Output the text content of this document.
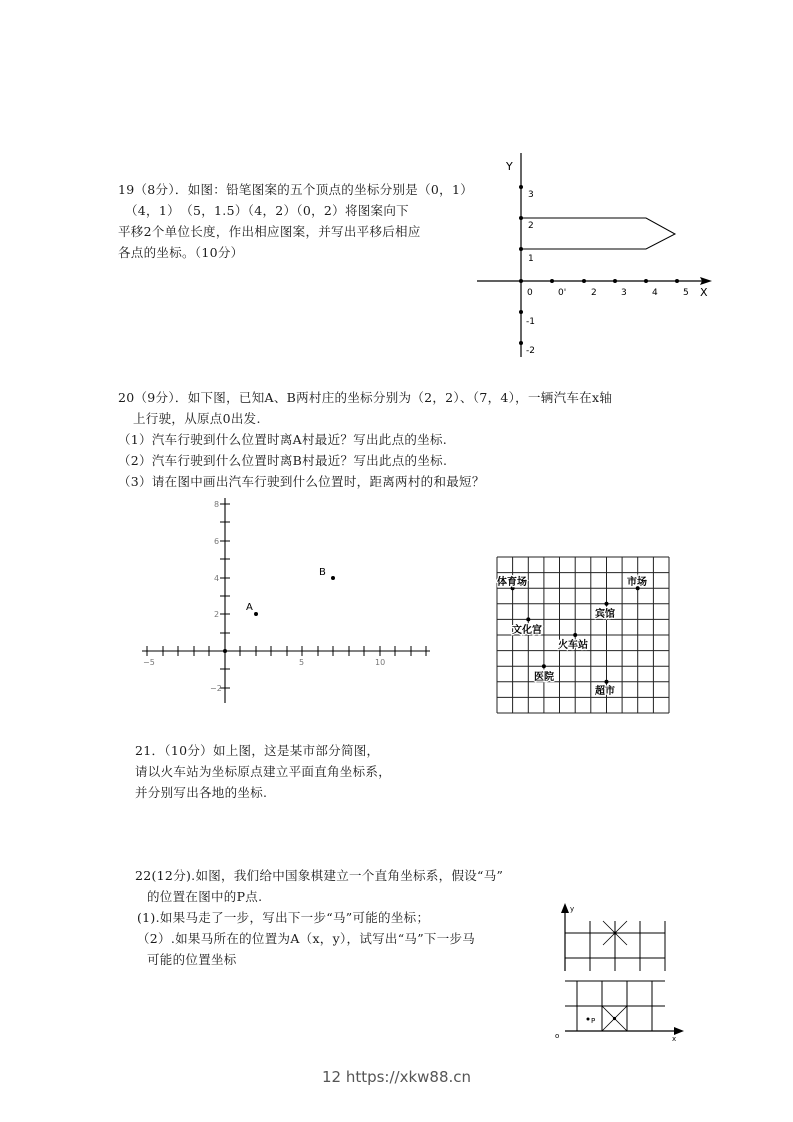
19（8分）．如图：铅笔图案的五个顶点的坐标分别是（0，1）
（4，1）　（5，1.5）（4，2）（0，2）将图案向下
平移2个单位长度，作出相应图案，并写出平移后相应
各点的坐标。（10分）
Y
X
0	0'	2	3	4	5
3
2
1
-1
-2
20（9分）．如下图，已知A、B两村庄的坐标分别为（2，2）、（7，4），一辆汽车在x轴
上行驶，从原点0出发.
（1）汽车行驶到什么位置时离A村最近？写出此点的坐标.
（2）汽车行驶到什么位置时离B村最近？写出此点的坐标.
（3）请在图中画出汽车行驶到什么位置时，距离两村的和最短？
−5	5	10
8
6
4
2
−2
A
B
体育场	市场
宾馆
文化宫
火车站
医院
超市
21．（10分）如上图，这是某市部分简图，
请以火车站为坐标原点建立平面直角坐标系，
并分别写出各地的坐标.
22(12分).如图，我们给中国象棋建立一个直角坐标系，假设“马”
的位置在图中的P点.
(1).如果马走了一步，写出下一步“马”可能的坐标；
（2）.如果马所在的位置为A（x，y），试写出“马”下一步马
可能的位置坐标
y
P
o	x
12 https://xkw88.cn
